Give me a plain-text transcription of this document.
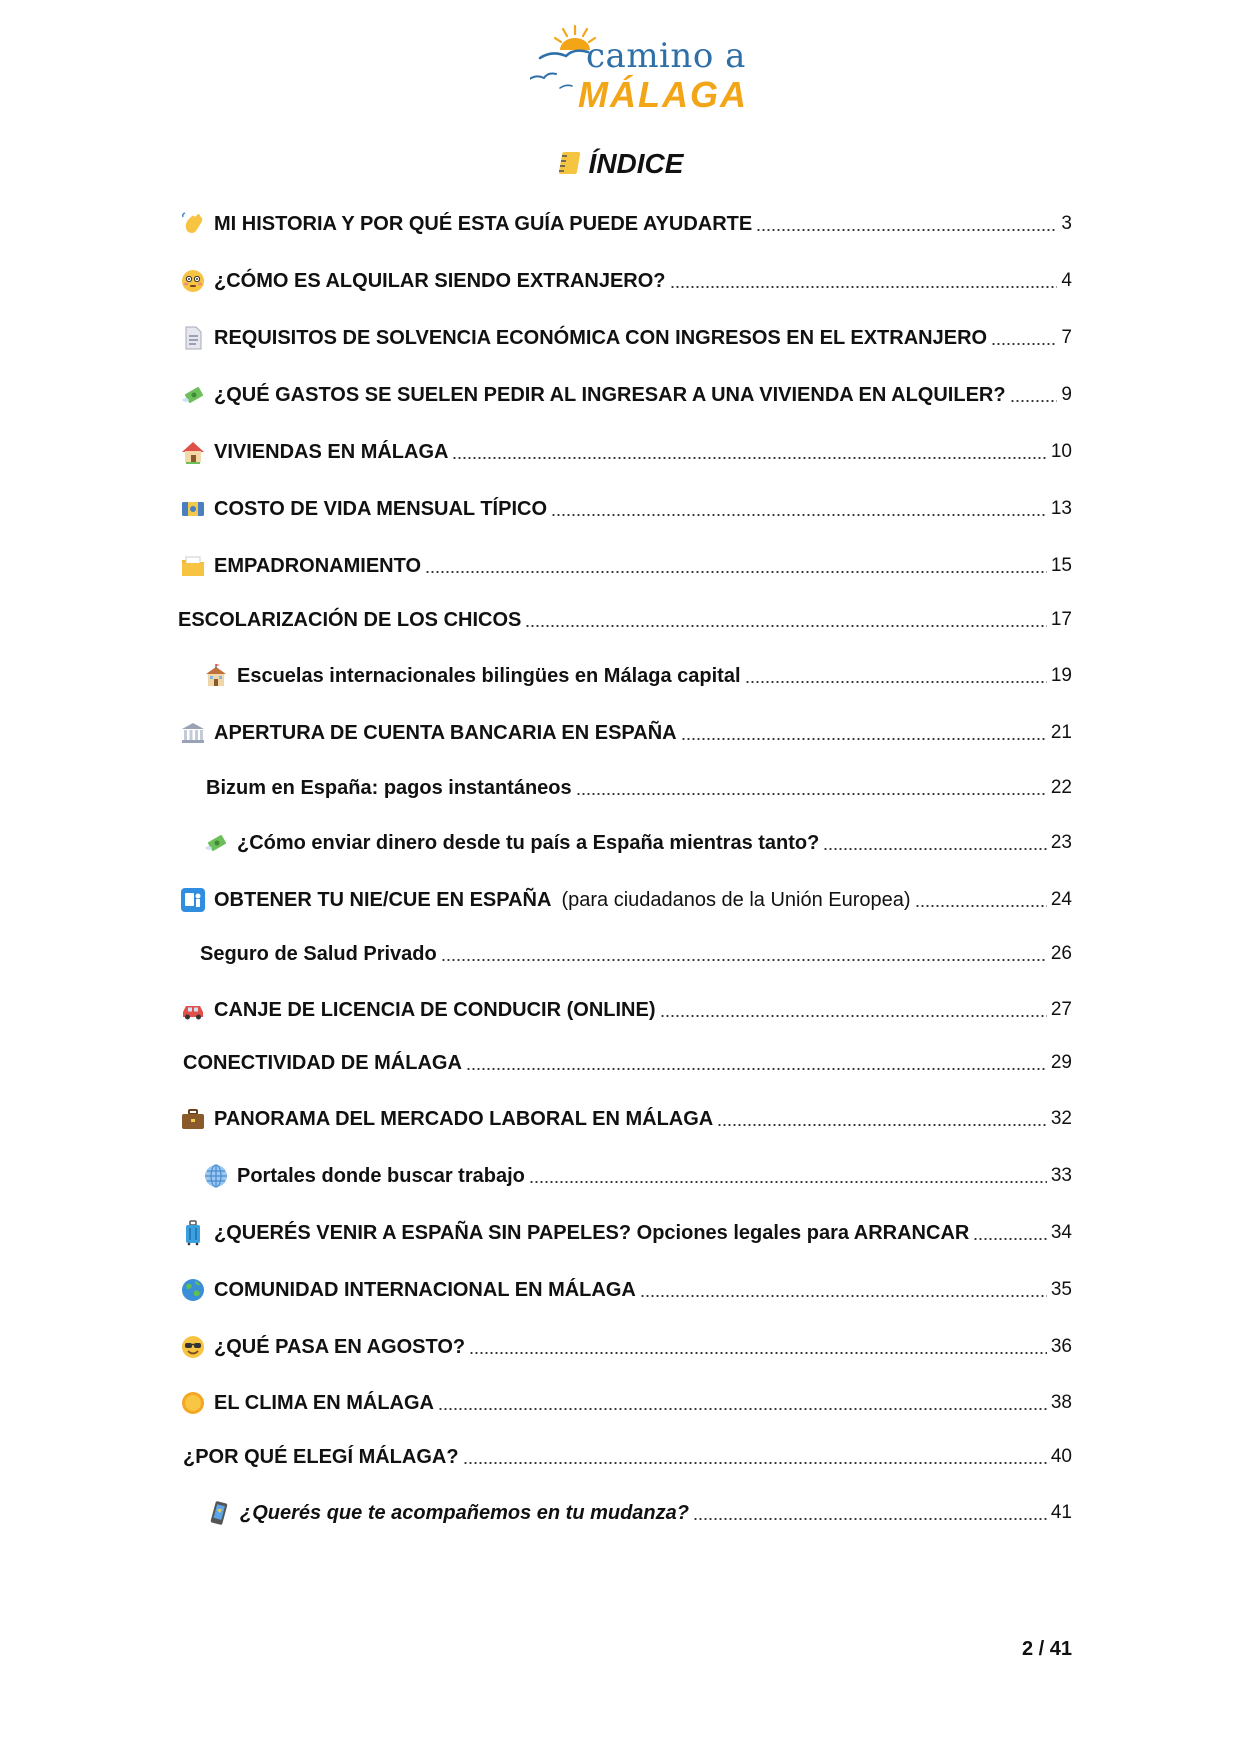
camino a
MÁLAGA
ÍNDICE
MI HISTORIA Y POR QUÉ ESTA GUÍA PUEDE AYUDARTE	3
¿CÓMO ES ALQUILAR SIENDO EXTRANJERO?	4
REQUISITOS DE SOLVENCIA ECONÓMICA CON INGRESOS EN EL EXTRANJERO	7
¿QUÉ GASTOS SE SUELEN PEDIR AL INGRESAR A UNA VIVIENDA EN ALQUILER?	9
VIVIENDAS EN MÁLAGA	10
COSTO DE VIDA MENSUAL TÍPICO	13
EMPADRONAMIENTO	15
ESCOLARIZACIÓN DE LOS CHICOS	17
Escuelas internacionales bilingües en Málaga capital	19
APERTURA DE CUENTA BANCARIA EN ESPAÑA	21
Bizum en España: pagos instantáneos	22
¿Cómo enviar dinero desde tu país a España mientras tanto?	23
OBTENER TU NIE/CUE EN ESPAÑA (para ciudadanos de la Unión Europea)	24
Seguro de Salud Privado	26
CANJE DE LICENCIA DE CONDUCIR (ONLINE)	27
CONECTIVIDAD DE MÁLAGA	29
PANORAMA DEL MERCADO LABORAL EN MÁLAGA	32
Portales donde buscar trabajo	33
¿QUERÉS VENIR A ESPAÑA SIN PAPELES? Opciones legales para ARRANCAR	34
COMUNIDAD INTERNACIONAL EN MÁLAGA	35
¿QUÉ PASA EN AGOSTO?	36
EL CLIMA EN MÁLAGA	38
¿POR QUÉ ELEGÍ MÁLAGA?	40
¿Querés que te acompañemos en tu mudanza?	41
2 / 41
